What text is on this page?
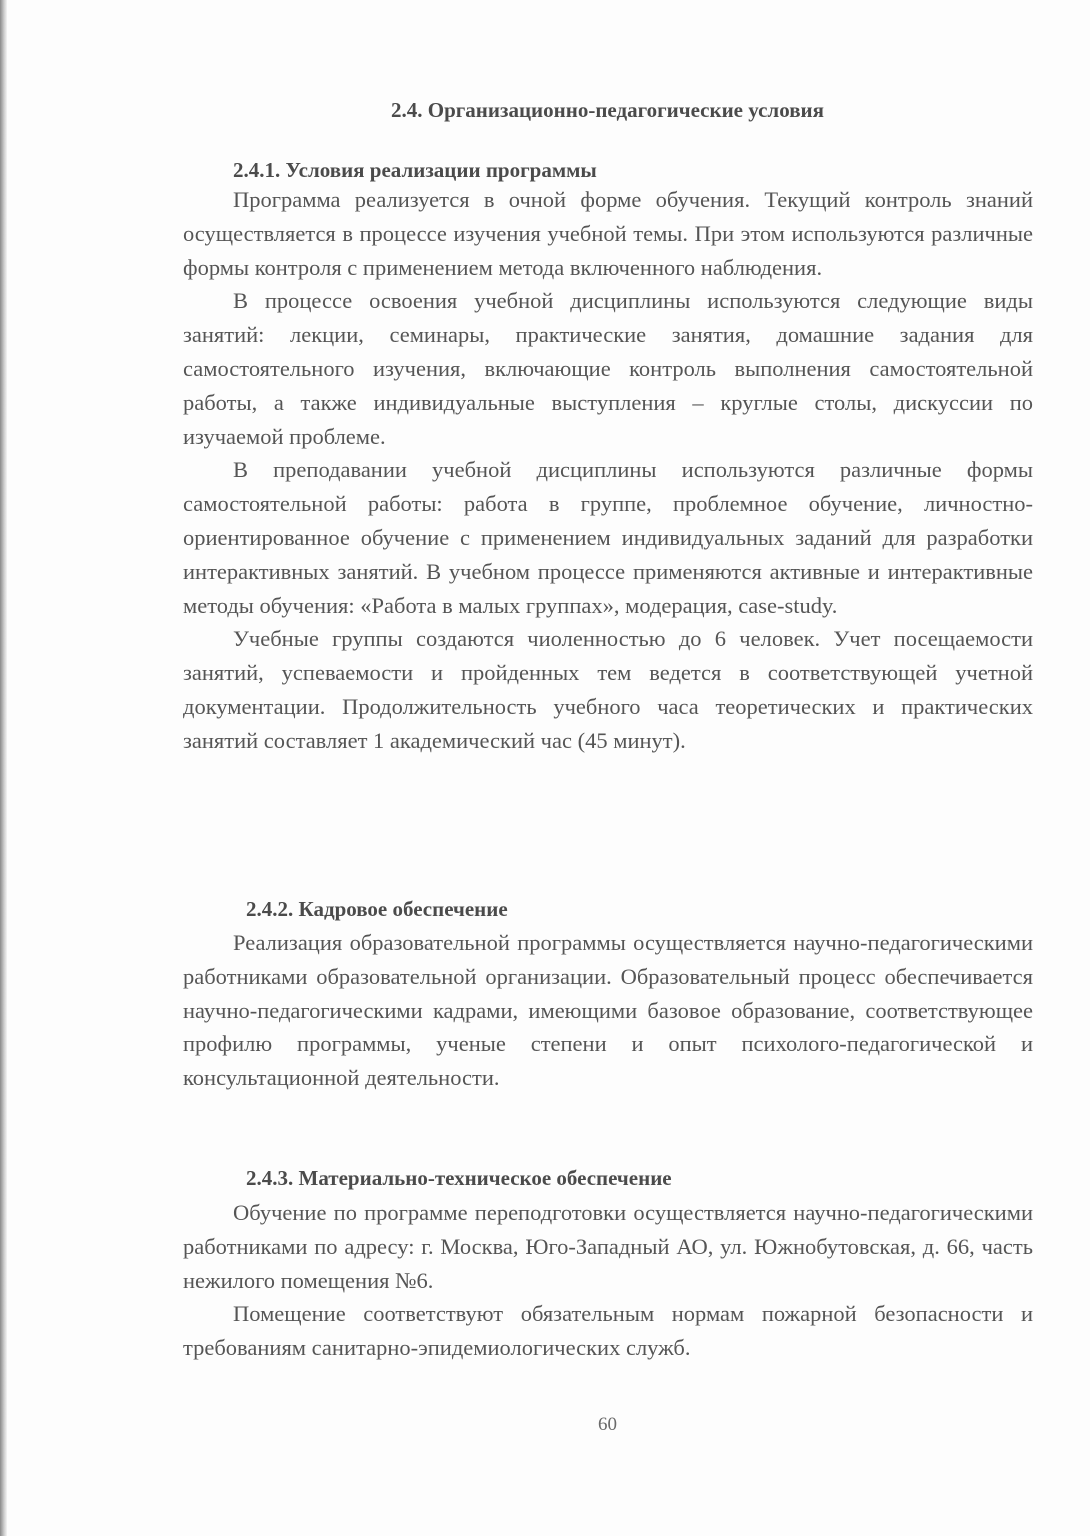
2.4. Организационно-педагогические условия
2.4.1. Условия реализации программы

Программа реализуется в очной форме обучения. Текущий контроль знаний осуществляется в процессе изучения учебной темы. При этом используются различные формы контроля с применением метода включенного наблюдения.

В процессе освоения учебной дисциплины используются следующие виды занятий: лекции, семинары, практические занятия, домашние задания для самостоятельного изучения, включающие контроль выполнения самостоятельной работы, а также индивидуальные выступления – круглые столы, дискуссии по изучаемой проблеме.

В преподавании учебной дисциплины используются различные формы самостоятельной работы: работа в группе, проблемное обучение, личностно-ориентированное обучение с применением индивидуальных заданий для разработки интерактивных занятий. В учебном процессе применяются активные и интерактивные методы обучения: «Работа в малых группах», модерация, case-study.

Учебные группы создаются чиоленностью до 6 человек. Учет посещаемости занятий, успеваемости и пройденных тем ведется в соответствующей учетной документации. Продолжительность учебного часа теоретических и практических занятий составляет 1 академический час (45 минут).

2.4.2. Кадровое обеспечение

Реализация образовательной программы осуществляется научно-педагогическими работниками образовательной организации. Образовательный процесс обеспечивается научно-педагогическими кадрами, имеющими базовое образование, соответствующее профилю программы, ученые степени и опыт психолого-педагогической и консультационной деятельности.

2.4.3. Материально-техническое обеспечение

Обучение по программе переподготовки осуществляется научно-педагогическими работниками по адресу: г. Москва, Юго-Западный АО, ул. Южнобутовская, д. 66, часть нежилого помещения №6.

Помещение соответствуют обязательным нормам пожарной безопасности и требованиям санитарно-эпидемиологических служб.

60
